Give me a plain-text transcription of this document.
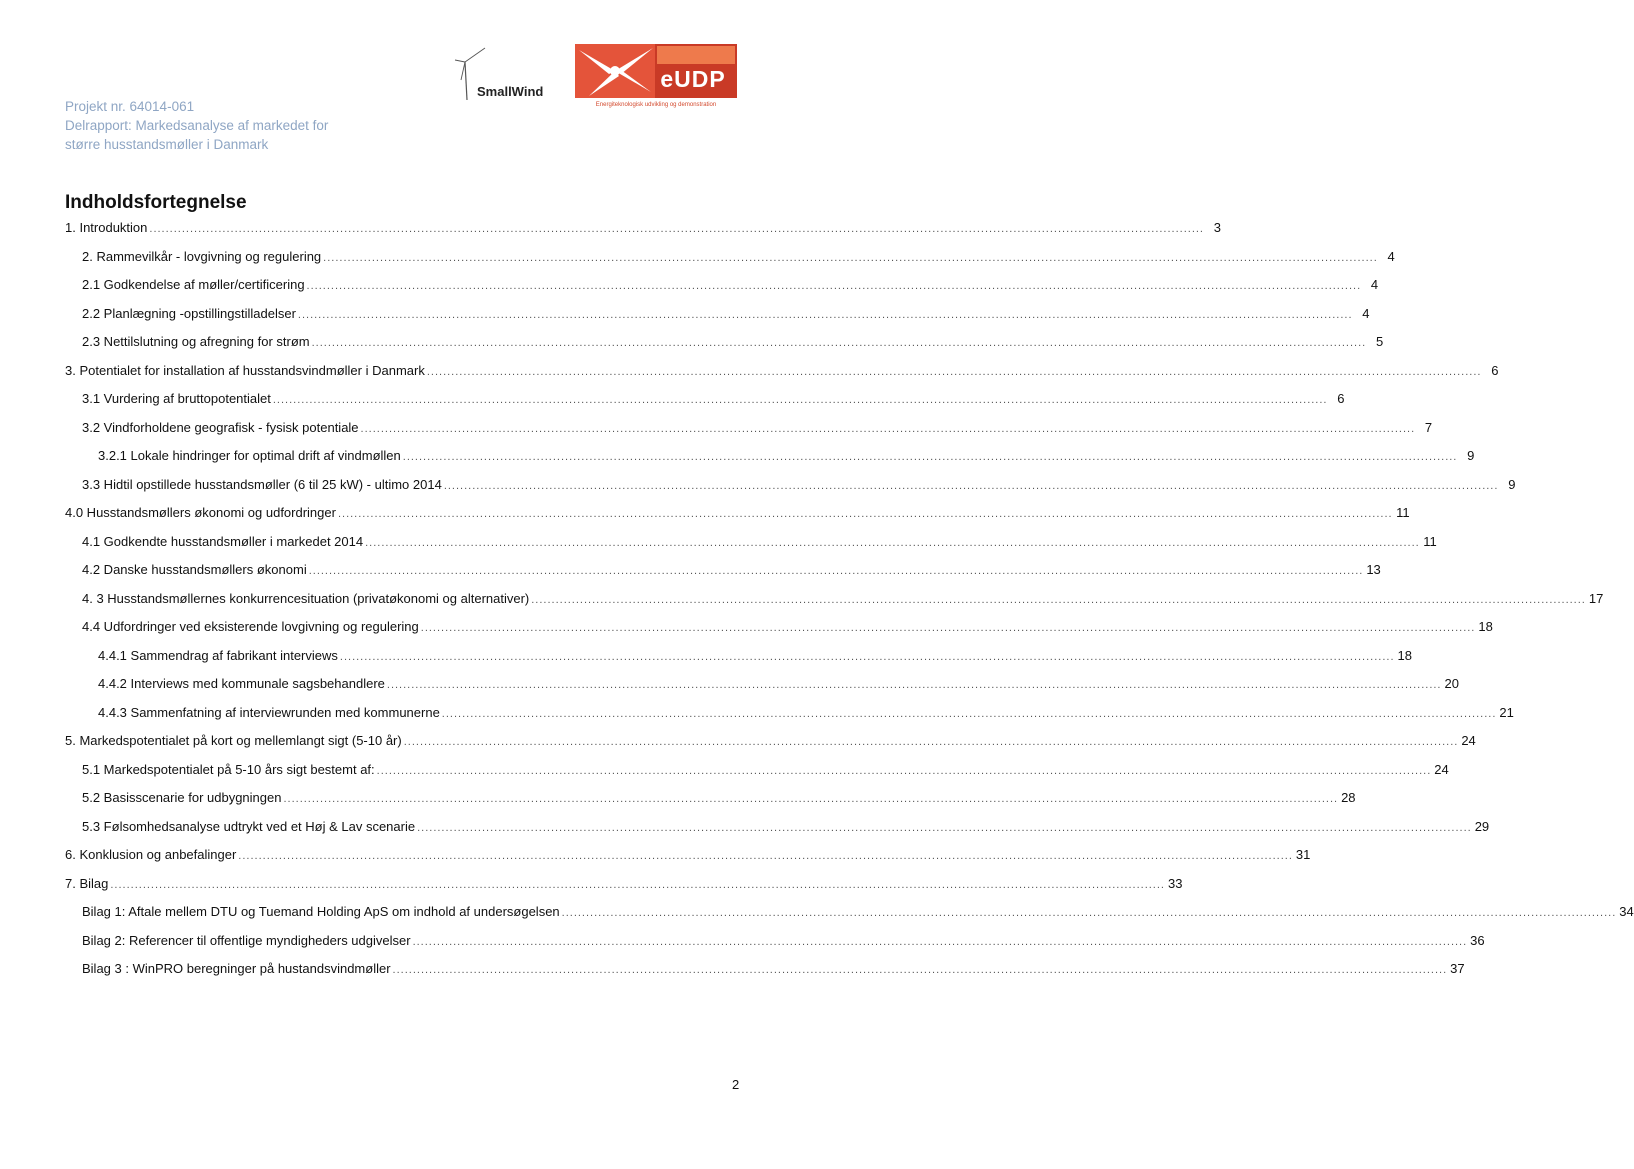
Projekt nr. 64014-061
Delrapport: Markedsanalyse af markedet for
større husstandsmøller i Danmark
SmallWind	eUDP
Energiteknologisk udvikling og demonstration
Indholdsfortegnelse
1. Introduktion .................................................................................................................................................................................................................................................................... 3
2. Rammevilkår - lovgivning og regulering .................................................................................................................................................................................................................................................................... 4
2.1 Godkendelse af møller/certificering .................................................................................................................................................................................................................................................................... 4
2.2 Planlægning -opstillingstilladelser .................................................................................................................................................................................................................................................................... 4
2.3 Nettilslutning og afregning for strøm .................................................................................................................................................................................................................................................................... 5
3. Potentialet for installation af husstandsvindmøller i Danmark .................................................................................................................................................................................................................................................................... 6
3.1 Vurdering af bruttopotentialet .................................................................................................................................................................................................................................................................... 6
3.2 Vindforholdene geografisk - fysisk potentiale .................................................................................................................................................................................................................................................................... 7
3.2.1 Lokale hindringer for optimal drift af vindmøllen .................................................................................................................................................................................................................................................................... 9
3.3 Hidtil opstillede husstandsmøller (6 til 25 kW) - ultimo 2014 .................................................................................................................................................................................................................................................................... 9
4.0 Husstandsmøllers økonomi og udfordringer .................................................................................................................................................................................................................................................................... 11
4.1 Godkendte husstandsmøller i markedet 2014 .................................................................................................................................................................................................................................................................... 11
4.2 Danske husstandsmøllers økonomi .................................................................................................................................................................................................................................................................... 13
4. 3 Husstandsmøllernes konkurrencesituation (privatøkonomi og alternativer) .................................................................................................................................................................................................................................................................... 17
4.4 Udfordringer ved eksisterende lovgivning og regulering .................................................................................................................................................................................................................................................................... 18
4.4.1 Sammendrag af fabrikant interviews .................................................................................................................................................................................................................................................................... 18
4.4.2 Interviews med kommunale sagsbehandlere .................................................................................................................................................................................................................................................................... 20
4.4.3 Sammenfatning af interviewrunden med kommunerne .................................................................................................................................................................................................................................................................... 21
5. Markedspotentialet på kort og mellemlangt sigt (5-10 år) .................................................................................................................................................................................................................................................................... 24
5.1 Markedspotentialet på 5-10 års sigt bestemt af: .................................................................................................................................................................................................................................................................... 24
5.2 Basisscenarie for udbygningen .................................................................................................................................................................................................................................................................... 28
5.3 Følsomhedsanalyse udtrykt ved et Høj & Lav scenarie .................................................................................................................................................................................................................................................................... 29
6. Konklusion og anbefalinger .................................................................................................................................................................................................................................................................... 31
7. Bilag .................................................................................................................................................................................................................................................................... 33
Bilag 1: Aftale mellem DTU og Tuemand Holding ApS om indhold af undersøgelsen .................................................................................................................................................................................................................................................................... 34
Bilag 2: Referencer til offentlige myndigheders udgivelser .................................................................................................................................................................................................................................................................... 36
Bilag 3 : WinPRO beregninger på hustandsvindmøller .................................................................................................................................................................................................................................................................... 37
2
